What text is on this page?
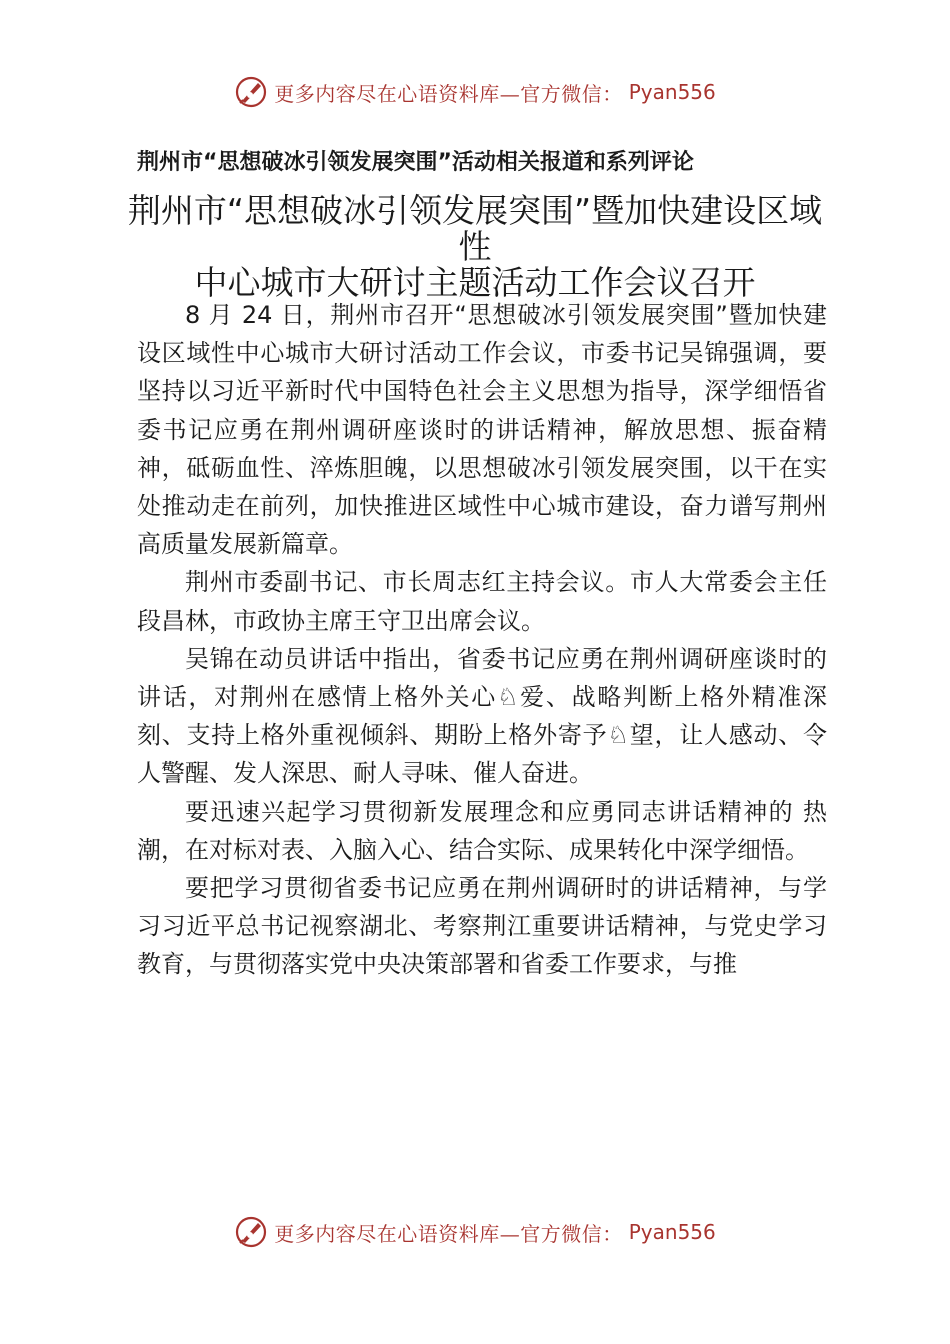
更多内容尽在心语资料库—官方微信： Pyan556
荆州市“思想破冰引领发展突围”活动相关报道和系列评论
荆州市“思想破冰引领发展突围”暨加快建设区域 性
中心城市大研讨主题活动工作会议召开

8 月 24 日，荆州市召开“思想破冰引领发展突围”暨加快建设区域性中心城市大研讨活动工作会议，市委书记吴锦强调，要坚持以习近平新时代中国特色社会主义思想为指导，深学细悟省委书记应勇在荆州调研座谈时的讲话精神，解放思想、振奋精神，砥砺血性、淬炼胆魄，以思想破冰引领发展突围，以干在实处推动走在前列，加快推进区域性中心城市建设，奋力谱写荆州高质量发展新篇章。

荆州市委副书记、市长周志红主持会议。市人大常委会主任段昌林，市政协主席王守卫出席会议。

吴锦在动员讲话中指出，省委书记应勇在荆州调研座谈时的讲话，对荆州在感情上格外关心♘爱、战略判断上格外精准深刻、支持上格外重视倾斜、期盼上格外寄予♘望，让人感动、令人警醒、发人深思、耐人寻味、催人奋进。

要迅速兴起学习贯彻新发展理念和应勇同志讲话精神的 热潮，在对标对表、入脑入心、结合实际、成果转化中深学细悟。

要把学习贯彻省委书记应勇在荆州调研时的讲话精神，与学习习近平总书记视察湖北、考察荆江重要讲话精神，与党史学习教育，与贯彻落实党中央决策部署和省委工作要求，与推

更多内容尽在心语资料库—官方微信： Pyan556
